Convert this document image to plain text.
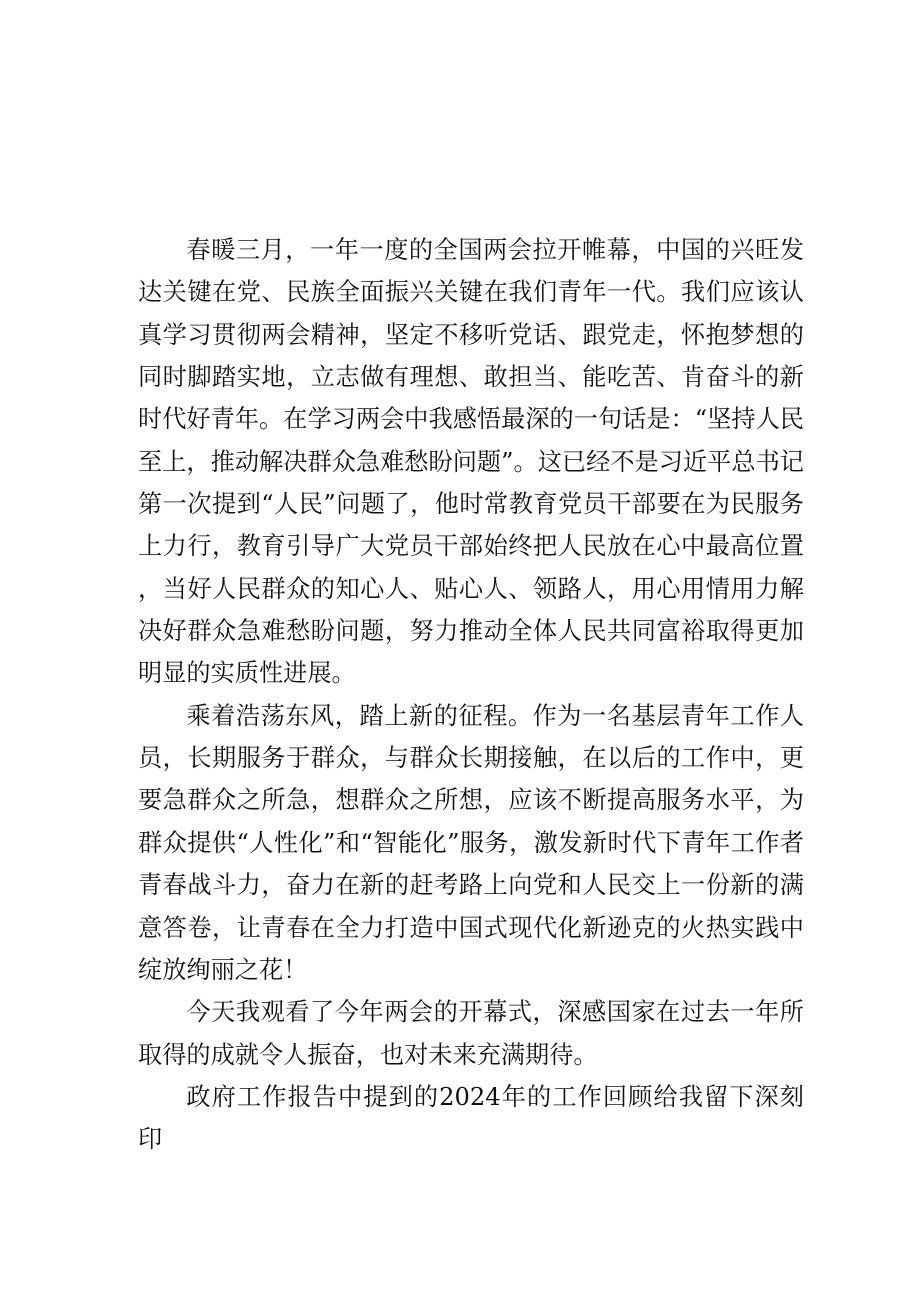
春暖三月，一年一度的全国两会拉开帷幕，中国的兴旺发达关键在党、民族全面振兴关键在我们青年一代。我们应该认真学习贯彻两会精神，坚定不移听党话、跟党走，怀抱梦想的同时脚踏实地，立志做有理想、敢担当、能吃苦、肯奋斗的新时代好青年。在学习两会中我感悟最深的一句话是：“坚持人民至上，推动解决群众急难愁盼问题”。这已经不是习近平总书记第一次提到“人民”问题了，他时常教育党员干部要在为民服务上力行，教育引导广大党员干部始终把人民放在心中最高位置，当好人民群众的知心人、贴心人、领路人，用心用情用力解决好群众急难愁盼问题，努力推动全体人民共同富裕取得更加明显的实质性进展。

乘着浩荡东风，踏上新的征程。作为一名基层青年工作人员，长期服务于群众，与群众长期接触，在以后的工作中，更要急群众之所急，想群众之所想，应该不断提高服务水平，为群众提供“人性化”和“智能化”服务，激发新时代下青年工作者青春战斗力，奋力在新的赶考路上向党和人民交上一份新的满意答卷，让青春在全力打造中国式现代化新逊克的火热实践中绽放绚丽之花！

今天我观看了今年两会的开幕式，深感国家在过去一年所取得的成就令人振奋，也对未来充满期待。

政府工作报告中提到的2024年的工作回顾给我留下深刻印
